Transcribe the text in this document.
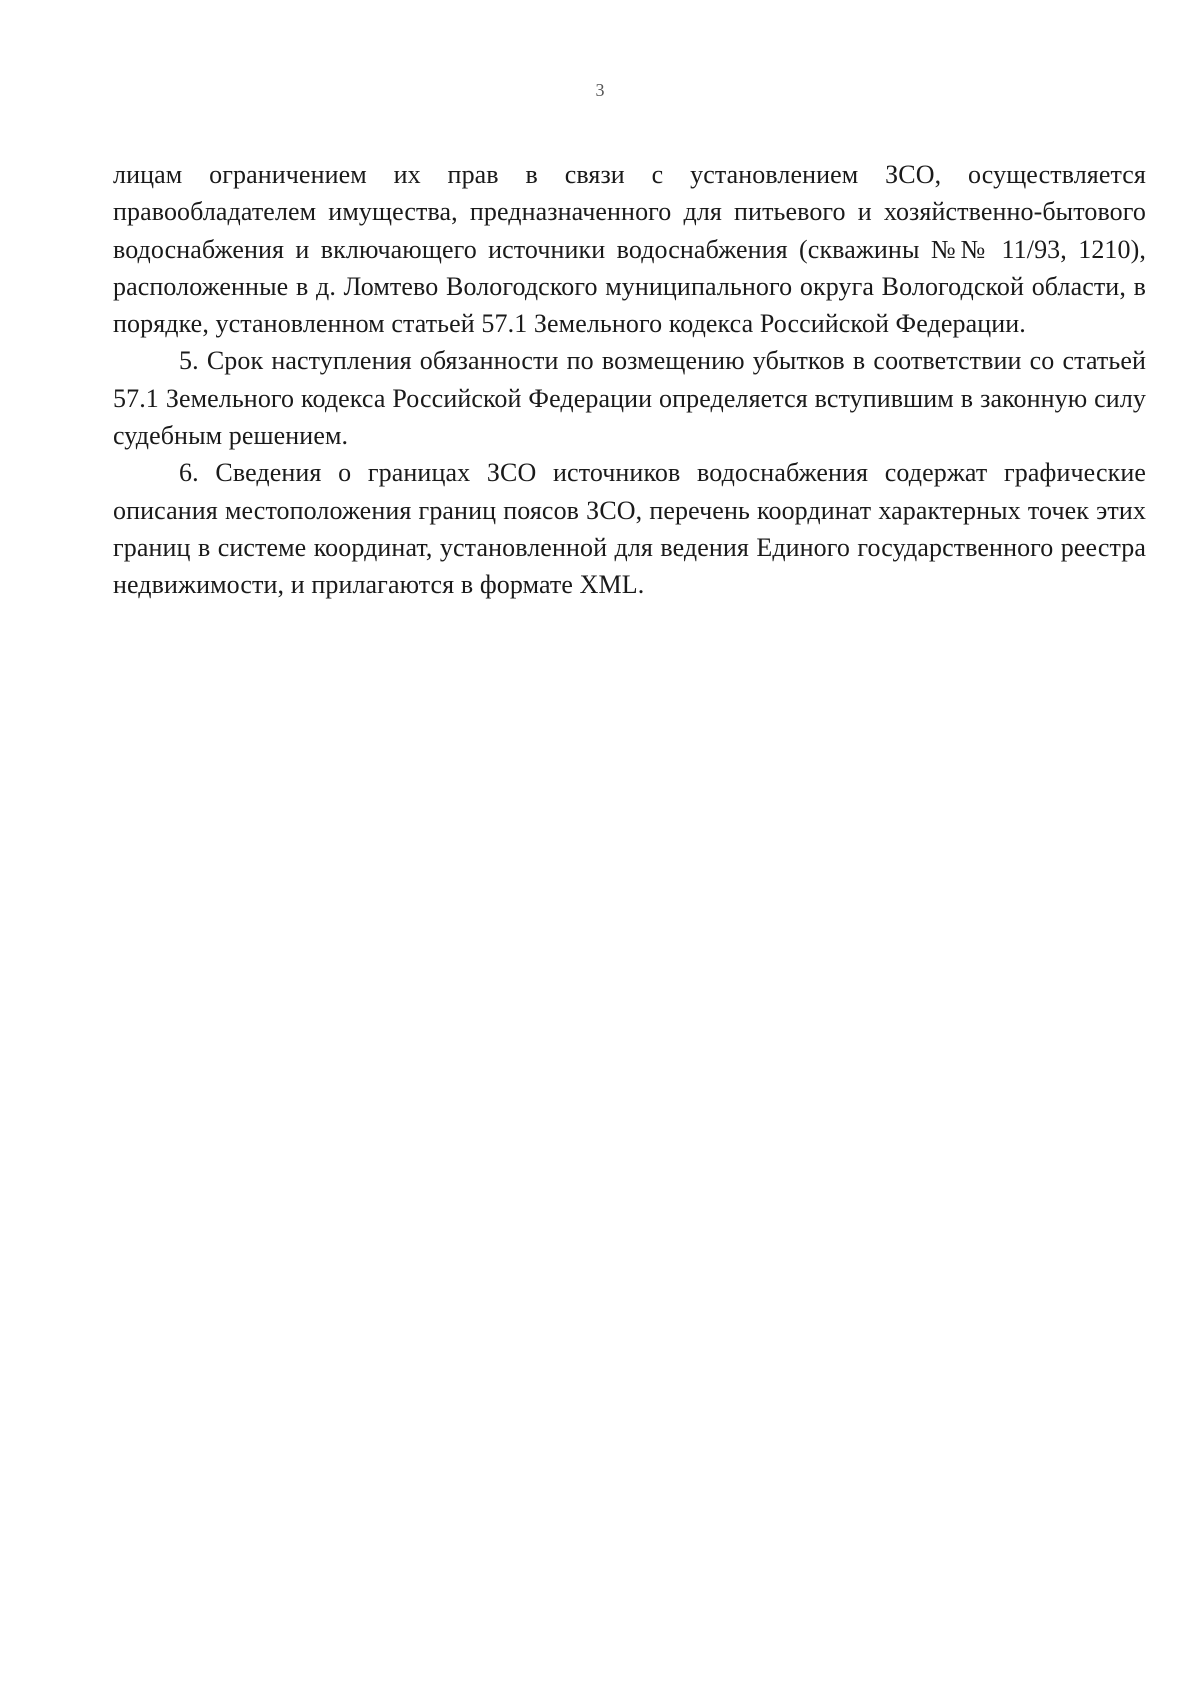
3

лицам ограничением их прав в связи с установлением ЗСО, осуществляется правообладателем имущества, предназначенного для питьевого и хозяйственно-бытового водоснабжения и включающего источники водоснабжения (скважины №№ 11/93, 1210), расположенные в д. Ломтево Вологодского муниципального округа Вологодской области, в порядке, установленном статьей 57.1 Земельного кодекса Российской Федерации.

5. Срок наступления обязанности по возмещению убытков в соответствии со статьей 57.1 Земельного кодекса Российской Федерации определяется вступившим в законную силу судебным решением.

6. Сведения о границах ЗСО источников водоснабжения содержат графические описания местоположения границ поясов ЗСО, перечень координат характерных точек этих границ в системе координат, установленной для ведения Единого государственного реестра недвижимости, и прилагаются в формате XML.
